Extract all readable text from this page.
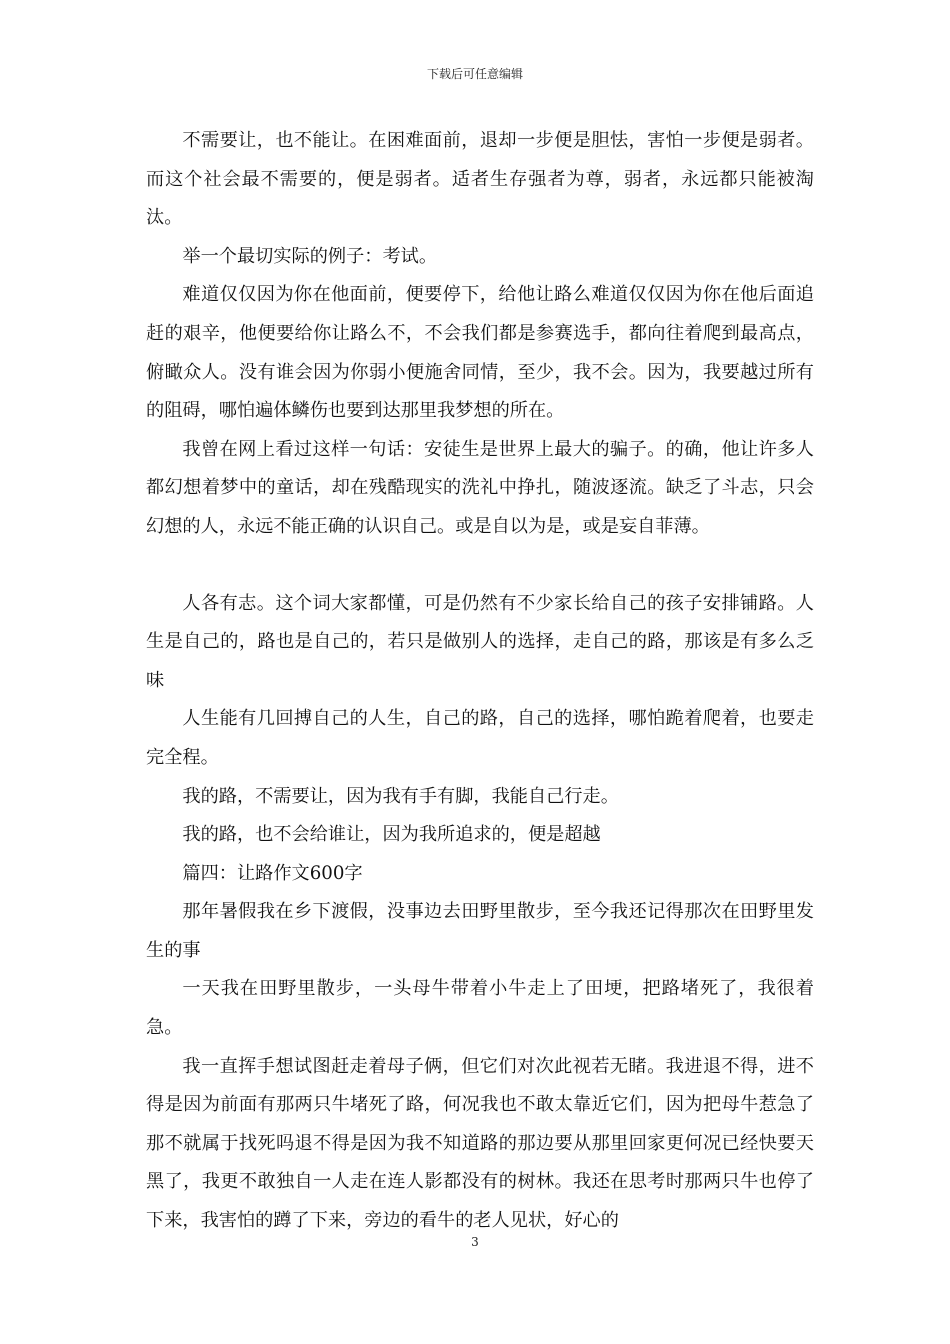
下载后可任意编辑

不需要让，也不能让。在困难面前，退却一步便是胆怯，害怕一步便是弱者。而这个社会最不需要的，便是弱者。适者生存强者为尊，弱者，永远都只能被淘汰。

举一个最切实际的例子：考试。

难道仅仅因为你在他面前，便要停下，给他让路么难道仅仅因为你在他后面追赶的艰辛，他便要给你让路么不，不会我们都是参赛选手，都向往着爬到最高点，俯瞰众人。没有谁会因为你弱小便施舍同情，至少，我不会。因为，我要越过所有的阻碍，哪怕遍体鳞伤也要到达那里我梦想的所在。

我曾在网上看过这样一句话：安徒生是世界上最大的骗子。的确，他让许多人都幻想着梦中的童话，却在残酷现实的洗礼中挣扎，随波逐流。缺乏了斗志，只会幻想的人，永远不能正确的认识自己。或是自以为是，或是妄自菲薄。

人各有志。这个词大家都懂，可是仍然有不少家长给自己的孩子安排铺路。人生是自己的，路也是自己的，若只是做别人的选择，走自己的路，那该是有多么乏味

人生能有几回搏自己的人生，自己的路，自己的选择，哪怕跪着爬着，也要走完全程。

我的路，不需要让，因为我有手有脚，我能自己行走。

我的路，也不会给谁让，因为我所追求的，便是超越

篇四：让路作文600字

那年暑假我在乡下渡假，没事边去田野里散步，至今我还记得那次在田野里发生的事

一天我在田野里散步，一头母牛带着小牛走上了田埂，把路堵死了，我很着急。

我一直挥手想试图赶走着母子俩，但它们对次此视若无睹。我进退不得，进不得是因为前面有那两只牛堵死了路，何况我也不敢太靠近它们，因为把母牛惹急了那不就属于找死吗退不得是因为我不知道路的那边要从那里回家更何况已经快要天黑了，我更不敢独自一人走在连人影都没有的树林。我还在思考时那两只牛也停了下来，我害怕的蹲了下来，旁边的看牛的老人见状，好心的

3
